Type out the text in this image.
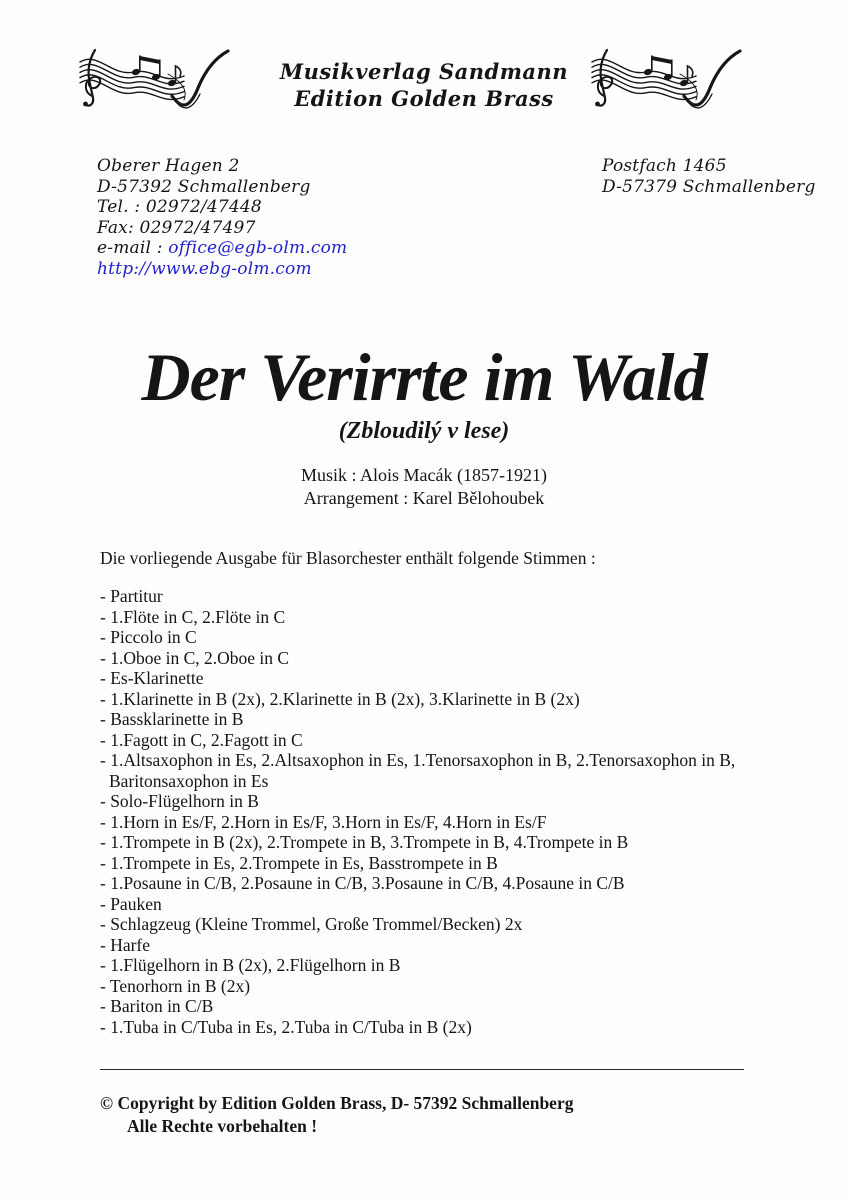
Musikverlag Sandmann
Edition Golden Brass
Oberer Hagen 2
D-57392 Schmallenberg
Tel. : 02972/47448
Fax: 02972/47497
e-mail : office@egb-olm.com
http://www.ebg-olm.com
Postfach 1465
D-57379 Schmallenberg
Der Verirrte im Wald
(Zbloudilý v lese)
Musik : Alois Macák (1857-1921)
Arrangement : Karel Bělohoubek
Die vorliegende Ausgabe für Blasorchester enthält folgende Stimmen :
- Partitur
- 1.Flöte in C, 2.Flöte in C
- Piccolo in C
- 1.Oboe in C, 2.Oboe in C
- Es-Klarinette
- 1.Klarinette in B (2x), 2.Klarinette in B (2x), 3.Klarinette in B (2x)
- Bassklarinette in B
- 1.Fagott in C, 2.Fagott in C
- 1.Altsaxophon in Es, 2.Altsaxophon in Es, 1.Tenorsaxophon in B, 2.Tenorsaxophon in B,
Baritonsaxophon in Es
- Solo-Flügelhorn in B
- 1.Horn in Es/F, 2.Horn in Es/F, 3.Horn in Es/F, 4.Horn in Es/F
- 1.Trompete in B (2x), 2.Trompete in B, 3.Trompete in B, 4.Trompete in B
- 1.Trompete in Es, 2.Trompete in Es, Basstrompete in B
- 1.Posaune in C/B, 2.Posaune in C/B, 3.Posaune in C/B, 4.Posaune in C/B
- Pauken
- Schlagzeug (Kleine Trommel, Große Trommel/Becken) 2x
- Harfe
- 1.Flügelhorn in B (2x), 2.Flügelhorn in B
- Tenorhorn in B (2x)
- Bariton in C/B
- 1.Tuba in C/Tuba in Es, 2.Tuba in C/Tuba in B (2x)
© Copyright by Edition Golden Brass, D- 57392 Schmallenberg
Alle Rechte vorbehalten !
